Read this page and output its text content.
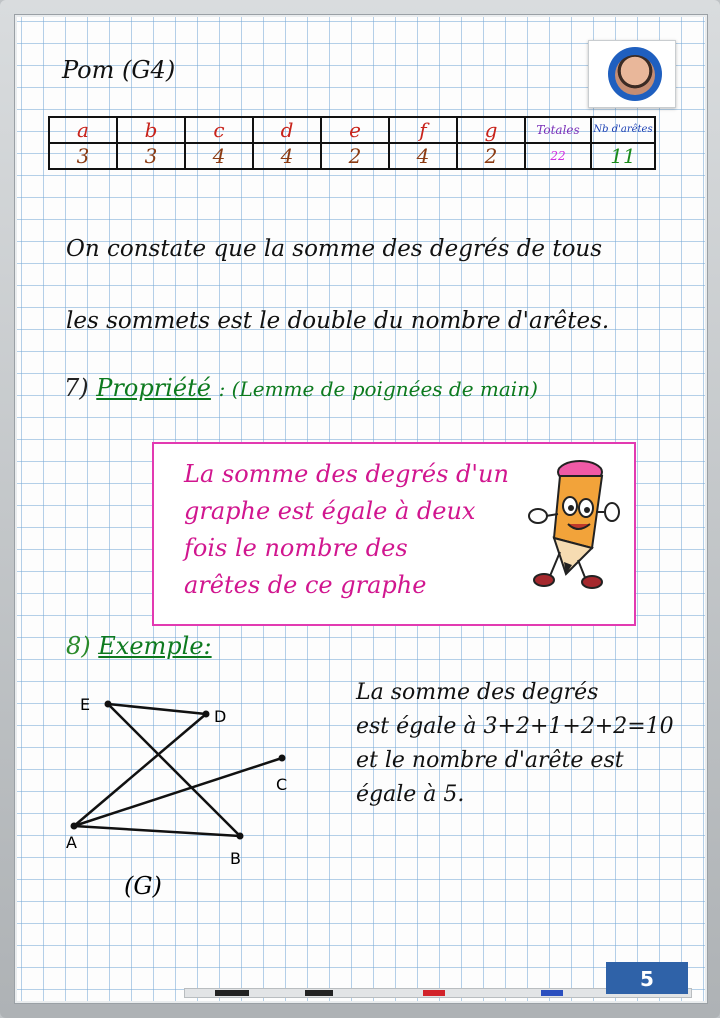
Pom (G4)
a	b	c	d	e	f	g	Totales	Nb d'arêtes
3	3	4	4	2	4	2	22	11
On constate que la somme des degrés de tous
les sommets est le double du nombre d'arêtes.
7) Propriété : (Lemme de poignées de main)
La somme des degrés d'un
graphe est égale à deux
fois le nombre des
arêtes de ce graphe
8) Exemple:
E
D
C
A
B
(G)
La somme des degrés
est égale à 3+2+1+2+2=10
et le nombre d'arête est
égale à 5.
5
